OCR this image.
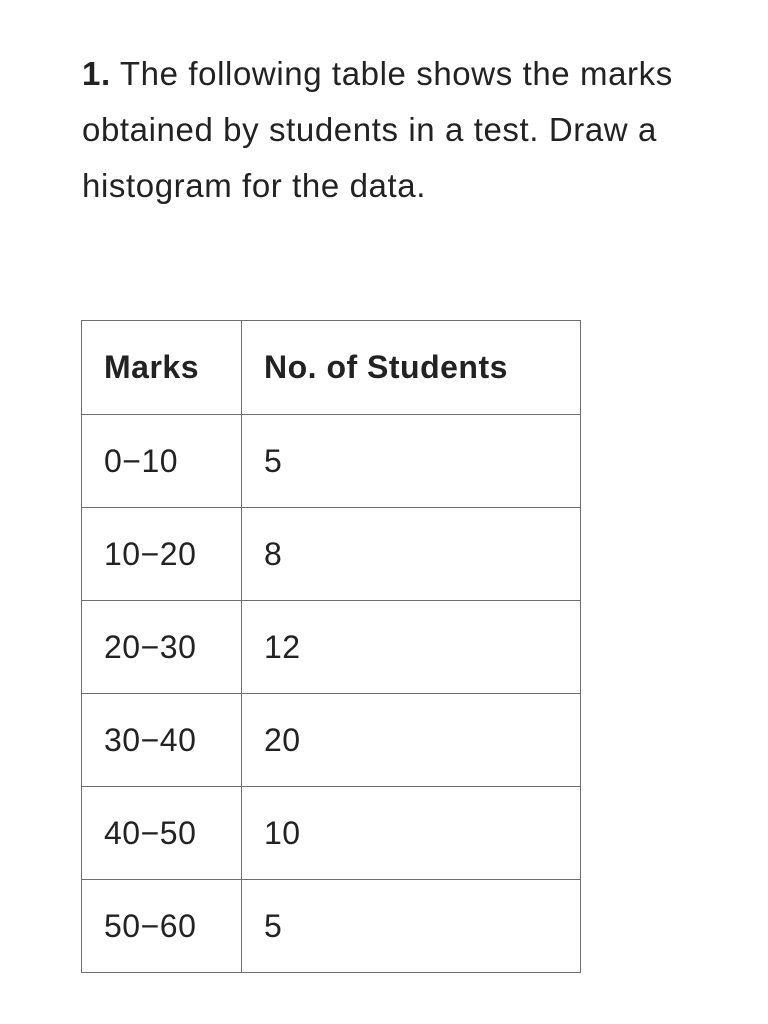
1. The following table shows the marks obtained by students in a test. Draw a histogram for the data.

Marks	No. of Students
0−10	5
10−20	8
20−30	12
30−40	20
40−50	10
50−60	5
